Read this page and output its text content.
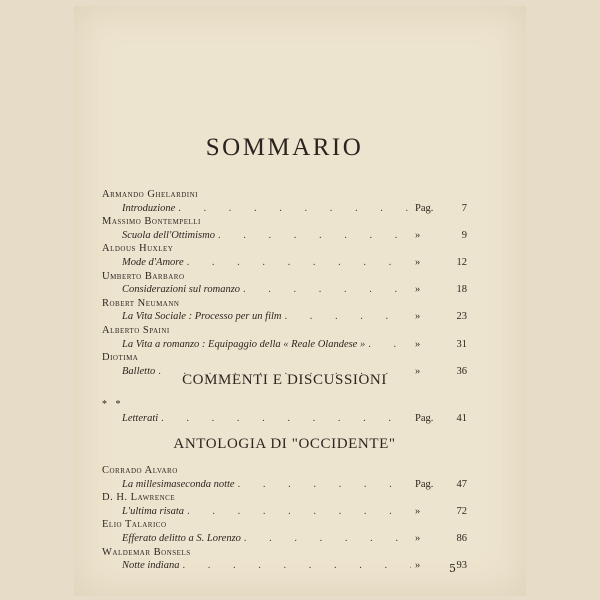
SOMMARIO
Armando Ghelardini
Introduzione . . .	Pag.	7
Massimo Bontempelli
Scuola dell'Ottimismo . . .	»	9
Aldous Huxley
Mode d'Amore . . .	»	12
Umberto Barbaro
Considerazioni sul romanzo . . .	»	18
Robert Neumann
La Vita Sociale : Processo per un film . . .	»	23
Alberto Spaini
La Vita a romanzo : Equipaggio della « Reale Olandese » . . .	»	31
Diotima
Balletto . . .	»	36
COMMENTI E DISCUSSIONI
* *
Letterati . . .	Pag.	41
ANTOLOGIA DI "OCCIDENTE"
Corrado Alvaro
La millesimaseconda notte . . .	Pag.	47
D. H. Lawrence
L'ultima risata . . .	»	72
Elio Talarico
Efferato delitto a S. Lorenzo . . .	»	86
Waldemar Bonsels
Notte indiana . . .	»	93
5
